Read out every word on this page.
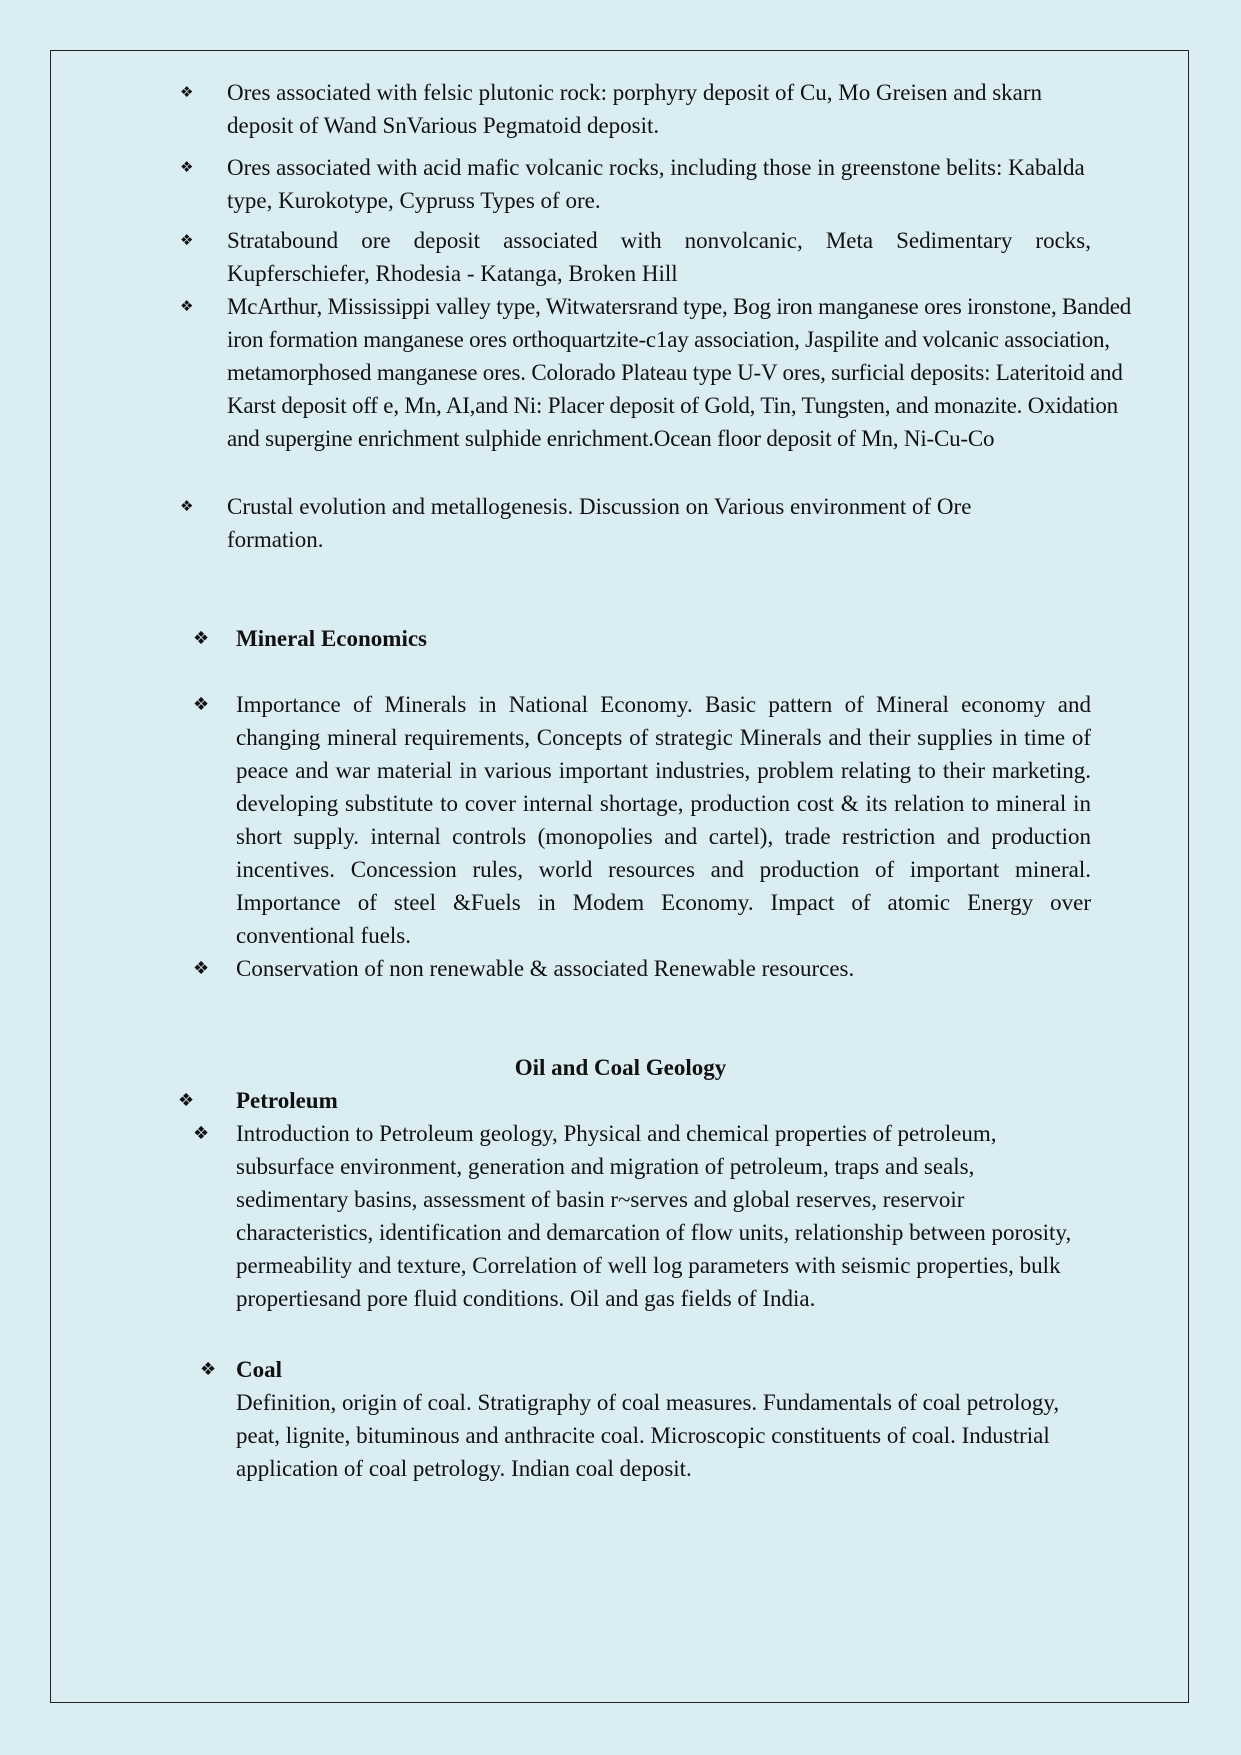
❖ Ores associated with felsic plutonic rock: porphyry deposit of Cu, Mo Greisen and skarn deposit of Wand SnVarious Pegmatoid deposit.
❖ Ores associated with acid mafic volcanic rocks, including those in greenstone belits: Kabalda type, Kurokotype, Cypruss Types of ore.
❖ Stratabound ore deposit associated with nonvolcanic, Meta Sedimentary rocks, Kupferschiefer, Rhodesia - Katanga, Broken Hill
❖ McArthur, Mississippi valley type, Witwatersrand type, Bog iron manganese ores ironstone, Banded iron formation manganese ores orthoquartzite-c1ay association, Jaspilite and volcanic association, metamorphosed manganese ores. Colorado Plateau type U-V ores, surficial deposits: Lateritoid and Karst deposit off e, Mn, AI,and Ni: Placer deposit of Gold, Tin, Tungsten, and monazite. Oxidation and supergine enrichment sulphide enrichment.Ocean floor deposit of Mn, Ni-Cu-Co
❖ Crustal evolution and metallogenesis. Discussion on Various environment of Ore formation.
❖ Mineral Economics
❖ Importance of Minerals in National Economy. Basic pattern of Mineral economy and changing mineral requirements, Concepts of strategic Minerals and their supplies in time of peace and war material in various important industries, problem relating to their marketing. developing substitute to cover internal shortage, production cost & its relation to mineral in short supply. internal controls (monopolies and cartel), trade restriction and production incentives. Concession rules, world resources and production of important mineral. Importance of steel &Fuels in Modem Economy. Impact of atomic Energy over conventional fuels.
❖ Conservation of non renewable & associated Renewable resources.
Oil and Coal Geology
❖ Petroleum
❖ Introduction to Petroleum geology, Physical and chemical properties of petroleum, subsurface environment, generation and migration of petroleum, traps and seals, sedimentary basins, assessment of basin r~serves and global reserves, reservoir characteristics, identification and demarcation of flow units, relationship between porosity, permeability and texture, Correlation of well log parameters with seismic properties, bulk propertiesand pore fluid conditions. Oil and gas fields of India.
❖ Coal
Definition, origin of coal. Stratigraphy of coal measures. Fundamentals of coal petrology, peat, lignite, bituminous and anthracite coal. Microscopic constituents of coal. Industrial application of coal petrology. Indian coal deposit.
